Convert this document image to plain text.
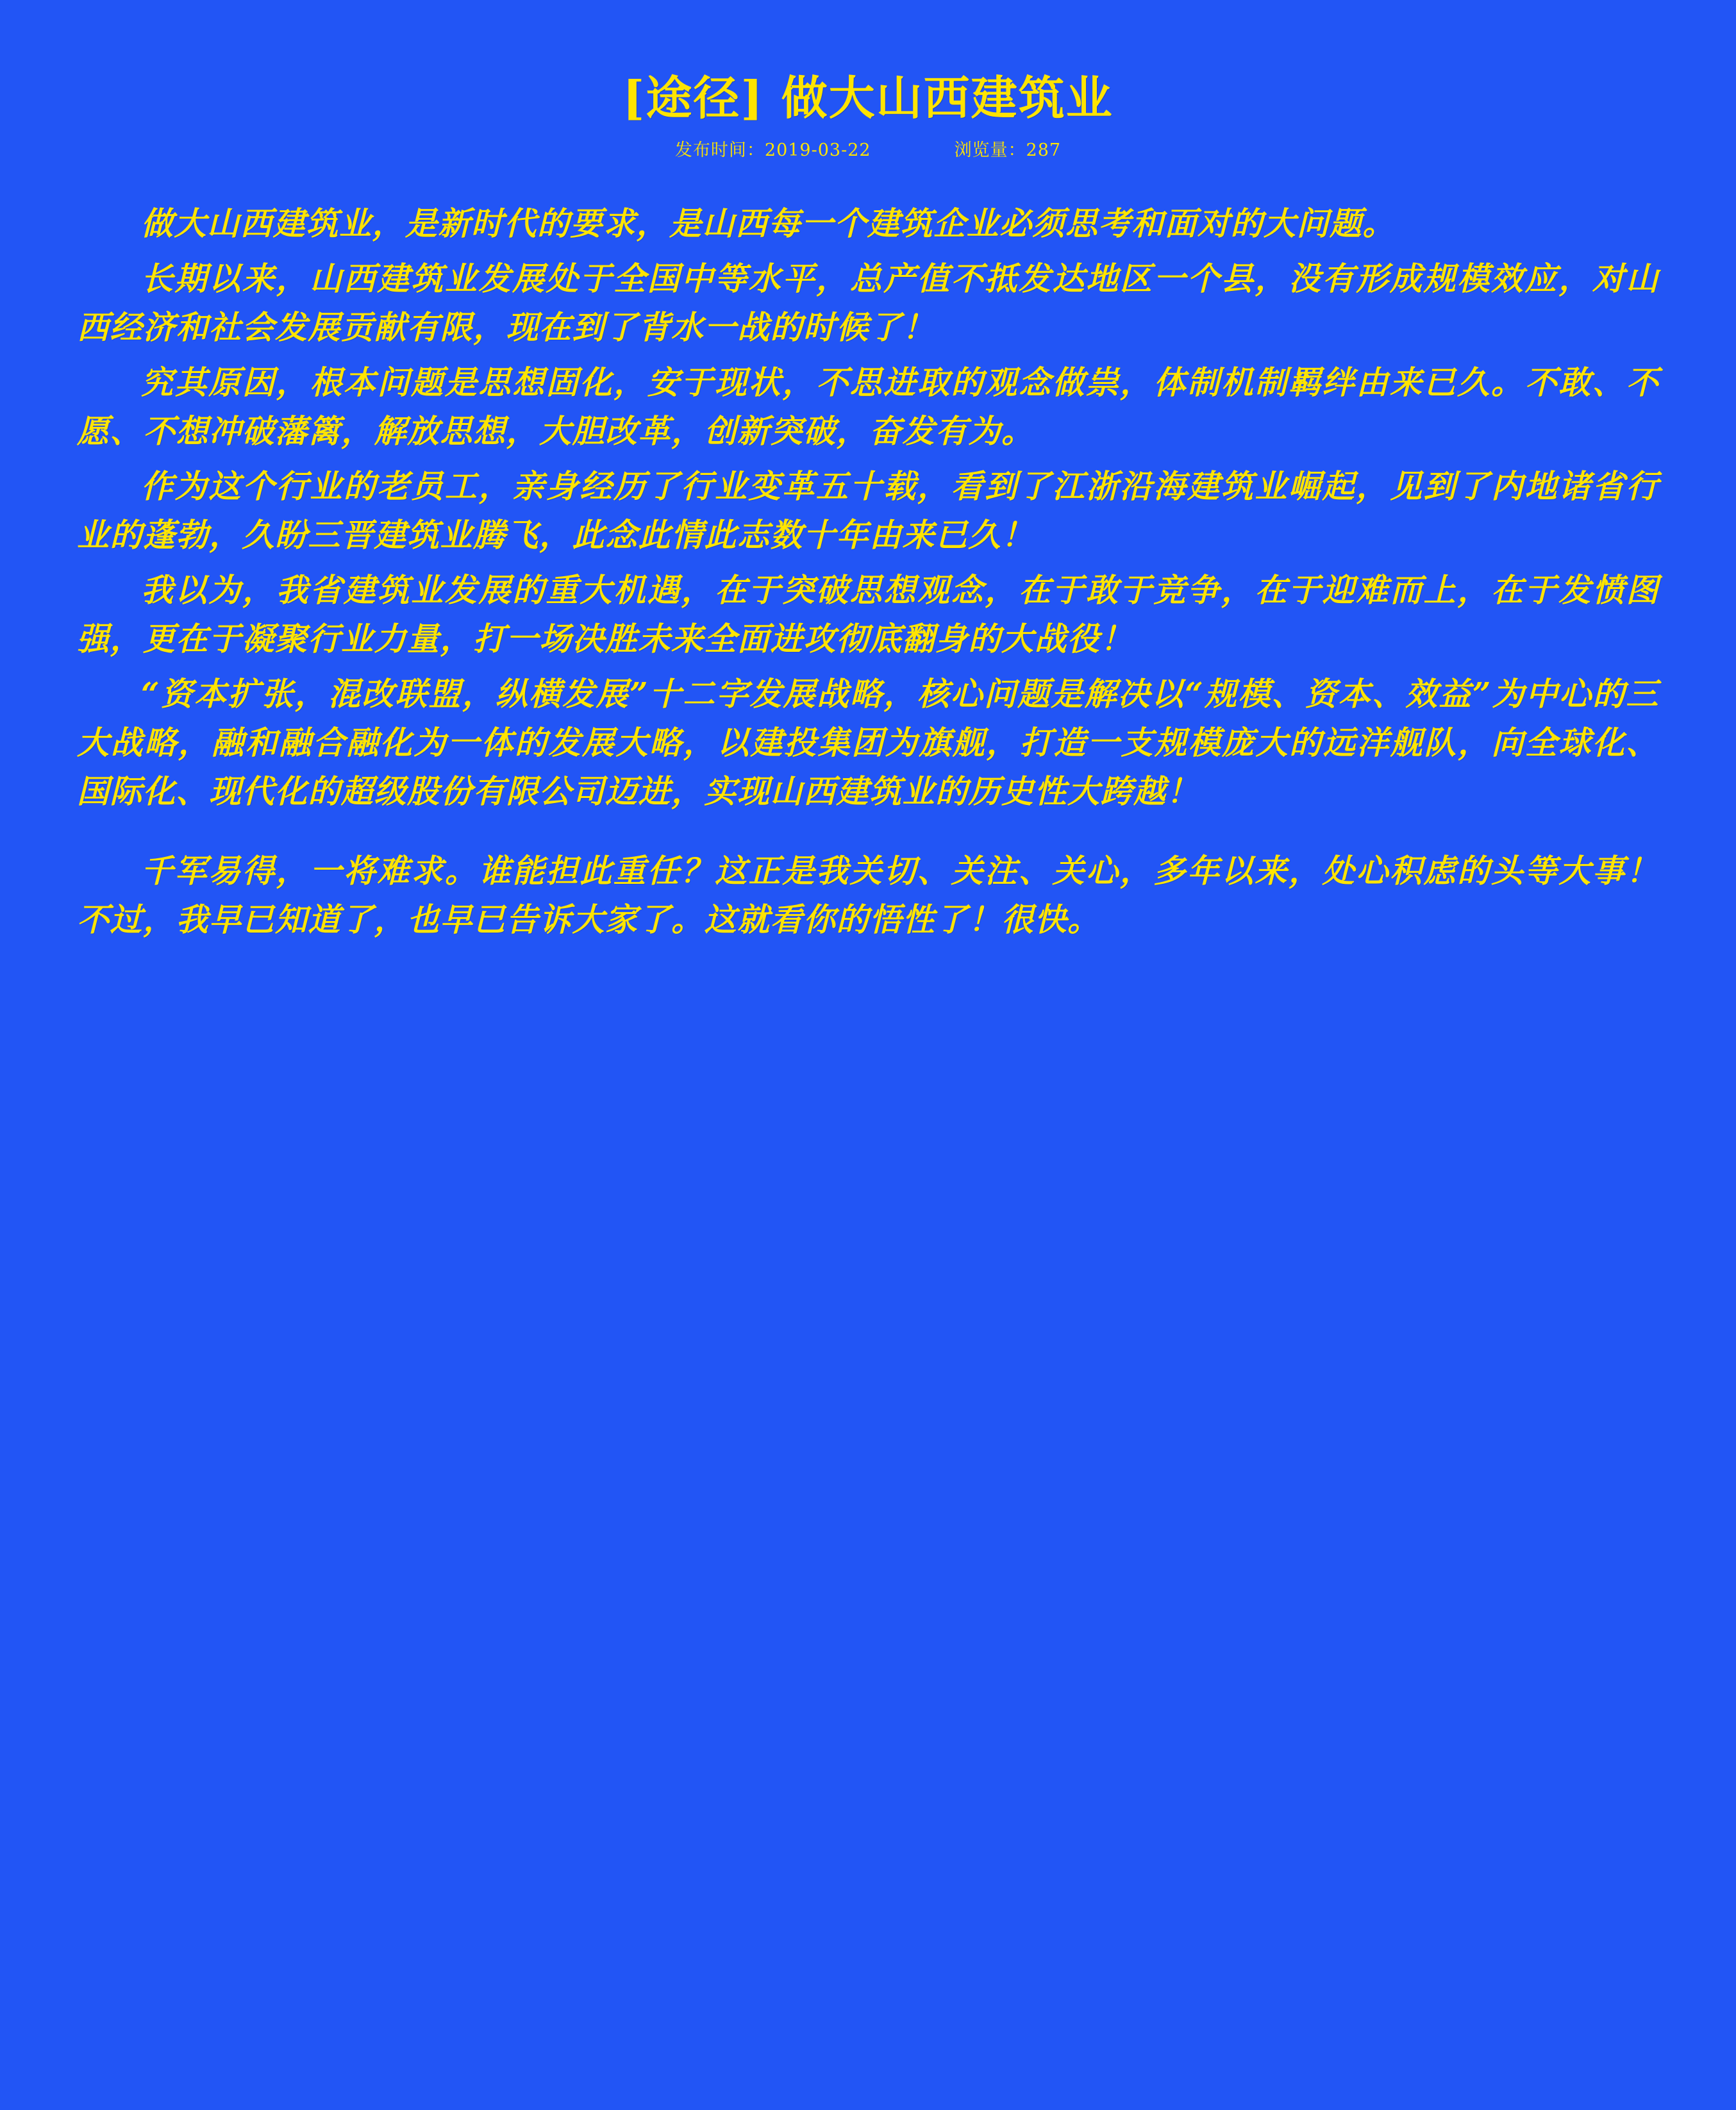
[途径] 做大山西建筑业
发布时间：2019-03-22	浏览量：287

做大山西建筑业，是新时代的要求，是山西每一个建筑企业必须思考和面对的大问题。

长期以来，山西建筑业发展处于全国中等水平，总产值不抵发达地区一个县，没有形成规模效应，对山西经济和社会发展贡献有限，现在到了背水一战的时候了！

究其原因，根本问题是思想固化，安于现状，不思进取的观念做祟，体制机制羁绊由来已久。不敢、不愿、不想冲破藩篱，解放思想，大胆改革，创新突破，奋发有为。

作为这个行业的老员工，亲身经历了行业变革五十载，看到了江浙沿海建筑业崛起，见到了内地诸省行业的蓬勃，久盼三晋建筑业腾飞，此念此情此志数十年由来已久！

我以为，我省建筑业发展的重大机遇，在于突破思想观念，在于敢于竞争，在于迎难而上，在于发愤图强，更在于凝聚行业力量，打一场决胜未来全面进攻彻底翻身的大战役！

“资本扩张，混改联盟，纵横发展”十二字发展战略，核心问题是解决以“规模、资本、效益”为中心的三大战略，融和融合融化为一体的发展大略，以建投集团为旗舰，打造一支规模庞大的远洋舰队，向全球化、国际化、现代化的超级股份有限公司迈进，实现山西建筑业的历史性大跨越！

千军易得，一将难求。谁能担此重任？这正是我关切、关注、关心，多年以来，处心积虑的头等大事！不过，我早已知道了，也早已告诉大家了。这就看你的悟性了！很快。
